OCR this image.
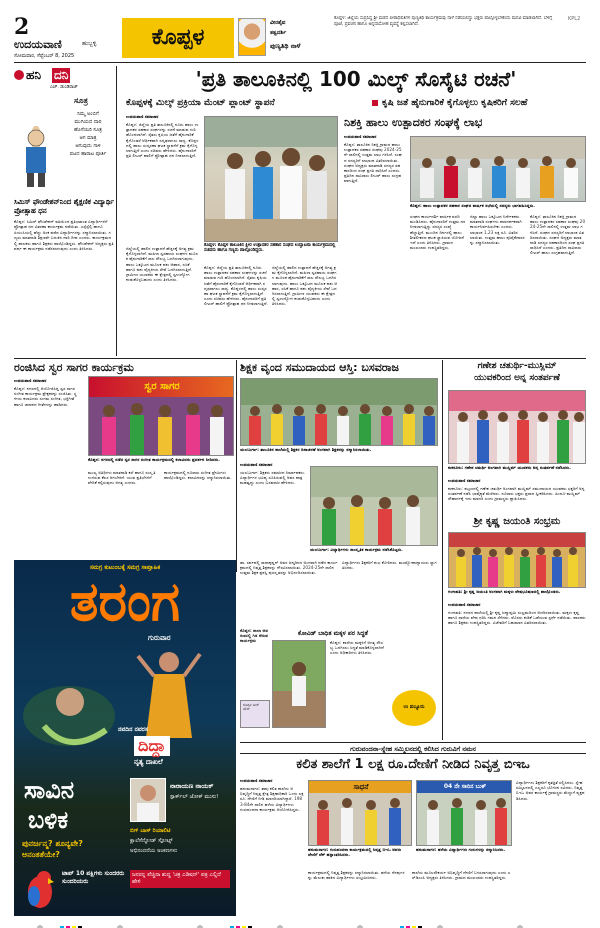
2
ಉದಯವಾಣಿ	ಹುಬ್ಬಳ್ಳಿ
ಸೋಮವಾರ, ಸೆಪ್ಟೆಂಬರ್ 8, 2025
ಕೊಪ್ಪಳ
ವೀರಶೈವ
ತತ್ವದರ್ಶಿ
ಪುಣ್ಯತಿಥಿ ನಾಳೆ
ಕೊಪ್ಪಳ: ಜಿಲ್ಲೆಯ ಸುಪ್ರಸಿದ್ಧ ಶ್ರೀ ಮಠದ ಪೀಠಾಧಿಪತಿಗಳ ಪುಣ್ಯತಿಥಿ ಕಾರ್ಯಕ್ರಮವು ನಾಳೆ ನಡೆಯಲಿದ್ದು ಭಕ್ತರು ಪಾಲ್ಗೊಳ್ಳಬೇಕೆಂದು ಮನವಿ ಮಾಡಲಾಗಿದೆ. ಬೆಳಿಗ್ಗೆ ಪೂಜೆ, ಪ್ರವಚನ ಹಾಗೂ ಅನ್ನದಾಸೋಹ ವ್ಯವಸ್ಥೆ ಕಲ್ಪಿಸಲಾಗಿದೆ.
KPL2
ಹನಿ ದನಿ
ಎಚ್. ಡುಂಡಿರಾಜ್
ಸೂತ್ರ
ನಿಮ್ಮ ಅಂಬಿಗೆ
ಮುಗಿಯದ ದಾರ
ಹೊಸೆಯಿರಿ ಸೂತ್ರ
ಆಗ ಮಾತ್ರ
ಆಗುವುದು ಗಾಳಿ
ಪಟದ ಹಾರಾಟ ಪೂರ್ತಿ
ಸಿಮಿಸ್ ಫೌಂಡೇಶನ್‌ನಿಂದ ಶೈಕ್ಷಣಿಕ ವಿದ್ಯಾರ್ಥಿ ಪ್ರೋತ್ಸಾಹ ಧನ
ಕೊಪ್ಪಳ: ಸಿಮಿಸ್ ಫೌಂಡೇಶನ್ ವತಿಯಿಂದ ಪ್ರತಿಭಾವಂತ ವಿದ್ಯಾರ್ಥಿಗಳಿಗೆ ಪ್ರೋತ್ಸಾಹ ಧನ ವಿತರಣಾ ಕಾರ್ಯಕ್ರಮ ನಡೆಯಿತು. ಎಸ್ಸೆಸ್ಸೆಲ್ಸಿ ಹಾಗೂ ಪಿಯುಸಿಯಲ್ಲಿ ಹೆಚ್ಚು ಅಂಕ ಪಡೆದ ವಿದ್ಯಾರ್ಥಿಗಳನ್ನು ಸನ್ಮಾನಿಸಲಾಯಿತು. ಗಣ್ಯರು ಮಾತನಾಡಿ ಶಿಕ್ಷಣವೇ ಬದುಕಿನ ದಾರಿ ದೀಪ ಎಂದರು. ಕಾರ್ಯಕ್ರಮದಲ್ಲಿ ಪಾಲಕರು ಹಾಗೂ ಶಿಕ್ಷಕರು ಪಾಲ್ಗೊಂಡಿದ್ದರು. ಫೌಂಡೇಶನ್ ಅಧ್ಯಕ್ಷರು ಪ್ರತಿ ವರ್ಷ ಈ ಕಾರ್ಯಕ್ರಮ ನಡೆಸಲಾಗುವುದು ಎಂದು ತಿಳಿಸಿದರು.
'ಪ್ರತಿ ತಾಲೂಕಿನಲ್ಲಿ 100 ಮಿಲ್ಕ್ ಸೊಸೈಟಿ ರಚನೆ'
ಕೊಪ್ಪಳಕ್ಕೆ ಮಿಲ್ಕ್ ಪ್ರಕ್ರಿಯಾ ಮೆಂಟ್ ಪ್ಲಾಂಟ್ ಸ್ಥಾಪನೆ	ಕೃಷಿ ಜತೆ ಹೈನುಗಾರಿಕೆ ಕೈಗೊಳ್ಳಲು ಕೃಷಿಕರಿಗೆ ಸಲಹೆ
ಉದಯವಾಣಿ ಸಮಾಚಾರ
ಕೊಪ್ಪಳ: ಕೊಪ್ಪಳ ತಾಲೂಕಿನ ಕ್ಷೀರ ಉತ್ಪಾದಕರ ಸಹಕಾರ ಸಂಘದ ಉದ್ಘಾಟನಾ ಕಾರ್ಯಕ್ರಮದಲ್ಲಿ ಸಚಿವರು ಹಾಗೂ ಗಣ್ಯರು ಪಾಲ್ಗೊಂಡಿದ್ದರು.
ಕೊಪ್ಪಳ: ಜಿಲ್ಲೆಯ ಪ್ರತಿ ತಾಲೂಕಿನಲ್ಲಿ ನೂರು ಹಾಲು ಉತ್ಪಾದಕರ ಸಹಕಾರ ಸಂಘಗಳನ್ನು ರಚನೆ ಮಾಡುವ ಗುರಿ ಹೊಂದಲಾಗಿದೆ. ರೈತರು ಕೃಷಿಯ ಜತೆಗೆ ಹೈನುಗಾರಿಕೆ ಕೈಗೊಂಡರೆ ಆರ್ಥಿಕವಾಗಿ ಸದೃಢರಾಗಲು ಸಾಧ್ಯ. ಕೊಪ್ಪಳದಲ್ಲಿ ಹಾಲು ಸಂಸ್ಕರಣಾ ಘಟಕ ಸ್ಥಾಪನೆಗೆ ಕ್ರಮ ಕೈಗೊಳ್ಳಲಾಗುತ್ತಿದೆ ಎಂದು ಸಚಿವರು ಹೇಳಿದರು. ಹೈನುಗಾರರಿಗೆ ಪ್ರತಿ ಲೀಟರ್ ಹಾಲಿಗೆ ಪ್ರೋತ್ಸಾಹ ಧನ ನೀಡಲಾಗುತ್ತಿದೆ.
ಜಿಲ್ಲೆಯಲ್ಲಿ ಹಾಲಿನ ಉತ್ಪಾದನೆ ಹೆಚ್ಚಳಕ್ಕೆ ಅಗತ್ಯ ಕ್ರಮ ಕೈಗೊಳ್ಳಲಾಗಿದೆ. ಮಹಿಳಾ ಸ್ವಸಹಾಯ ಸಂಘಗಳ ಮೂಲಕ ಹೈನುಗಾರಿಕೆಗೆ ಸಾಲ ಸೌಲಭ್ಯ ಒದಗಿಸಲಾಗುವುದು. ಹಾಲು ಒಕ್ಕೂಟದ ಮೂಲಕ ಪಶು ಆಹಾರ, ಲಸಿಕೆ ಹಾಗೂ ಪಶು ವೈದ್ಯಕೀಯ ಸೇವೆ ಒದಗಿಸಲಾಗುತ್ತಿದೆ. ಗ್ರಾಮೀಣ ಯುವಕರು ಈ ಕ್ಷೇತ್ರದಲ್ಲಿ ಸ್ವಉದ್ಯೋಗ ಕಂಡುಕೊಳ್ಳಬಹುದು ಎಂದು ತಿಳಿಸಿದರು.
ಕೊಪ್ಪಳ: ಜಿಲ್ಲೆಯ ಪ್ರತಿ ತಾಲೂಕಿನಲ್ಲಿ ನೂರು ಹಾಲು ಉತ್ಪಾದಕರ ಸಹಕಾರ ಸಂಘಗಳನ್ನು ರಚನೆ ಮಾಡುವ ಗುರಿ ಹೊಂದಲಾಗಿದೆ. ರೈತರು ಕೃಷಿಯ ಜತೆಗೆ ಹೈನುಗಾರಿಕೆ ಕೈಗೊಂಡರೆ ಆರ್ಥಿಕವಾಗಿ ಸದೃಢರಾಗಲು ಸಾಧ್ಯ. ಕೊಪ್ಪಳದಲ್ಲಿ ಹಾಲು ಸಂಸ್ಕರಣಾ ಘಟಕ ಸ್ಥಾಪನೆಗೆ ಕ್ರಮ ಕೈಗೊಳ್ಳಲಾಗುತ್ತಿದೆ ಎಂದು ಸಚಿವರು ಹೇಳಿದರು. ಹೈನುಗಾರರಿಗೆ ಪ್ರತಿ ಲೀಟರ್ ಹಾಲಿಗೆ ಪ್ರೋತ್ಸಾಹ ಧನ ನೀಡಲಾಗುತ್ತಿದೆ.
ಜಿಲ್ಲೆಯಲ್ಲಿ ಹಾಲಿನ ಉತ್ಪಾದನೆ ಹೆಚ್ಚಳಕ್ಕೆ ಅಗತ್ಯ ಕ್ರಮ ಕೈಗೊಳ್ಳಲಾಗಿದೆ. ಮಹಿಳಾ ಸ್ವಸಹಾಯ ಸಂಘಗಳ ಮೂಲಕ ಹೈನುಗಾರಿಕೆಗೆ ಸಾಲ ಸೌಲಭ್ಯ ಒದಗಿಸಲಾಗುವುದು. ಹಾಲು ಒಕ್ಕೂಟದ ಮೂಲಕ ಪಶು ಆಹಾರ, ಲಸಿಕೆ ಹಾಗೂ ಪಶು ವೈದ್ಯಕೀಯ ಸೇವೆ ಒದಗಿಸಲಾಗುತ್ತಿದೆ. ಗ್ರಾಮೀಣ ಯುವಕರು ಈ ಕ್ಷೇತ್ರದಲ್ಲಿ ಸ್ವಉದ್ಯೋಗ ಕಂಡುಕೊಳ್ಳಬಹುದು ಎಂದು ತಿಳಿಸಿದರು.
ನಿಶಕ್ತಿ ಹಾಲು ಉತ್ಪಾದಕರ ಸಂಘಕ್ಕೆ ಲಾಭ
ಉದಯವಾಣಿ ಸಮಾಚಾರ
ಕೊಪ್ಪಳ: ತಾಲೂಕಿನ ನಿಶಕ್ತಿ ಗ್ರಾಮದ ಹಾಲು ಉತ್ಪಾದಕರ ಸಹಕಾರ ಸಂಘವು 2024-25ನೇ ಸಾಲಿನಲ್ಲಿ ಉತ್ತಮ ಲಾಭ ಗಳಿಸಿದೆ. ಸಂಘದ ಸದಸ್ಯರಿಗೆ ಲಾಭಾಂಶ ವಿತರಿಸಲಾಯಿತು. ಸಂಘದ ಅಧ್ಯಕ್ಷರು ಮಾತನಾಡಿ ಸದಸ್ಯರ ಸಹಕಾರದಿಂದ ಸಂಘ ಪ್ರಗತಿ ಸಾಧಿಸಿದೆ ಎಂದರು. ಪ್ರತಿದಿನ ಸಾವಿರಾರು ಲೀಟರ್ ಹಾಲು ಸಂಗ್ರಹವಾಗುತ್ತಿದೆ.
ಕೊಪ್ಪಳ: ಹಾಲು ಉತ್ಪಾದಕರ ಸಹಕಾರ ಸಂಘದ ವಾರ್ಷಿಕ ಸಭೆಯಲ್ಲಿ ಸದಸ್ಯರು ಭಾಗವಹಿಸಿದ್ದರು.
ಸಂಘದ ಕಾರ್ಯದರ್ಶಿ ವಾರ್ಷಿಕ ವರದಿ ಮಂಡಿಸಿದರು. ಹೈನುಗಾರರಿಗೆ ಉತ್ತಮ ದರ ನೀಡಲಾಗುತ್ತಿದ್ದು ಸದಸ್ಯರ ಸಂಖ್ಯೆ ಹೆಚ್ಚುತ್ತಿದೆ. ಮುಂದಿನ ದಿನಗಳಲ್ಲಿ ಹಾಲು ಶೀತಲೀಕರಣ ಘಟಕ ಸ್ಥಾಪಿಸುವ ಯೋಜನೆ ಇದೆ ಎಂದು ತಿಳಿಸಿದರು. ಗ್ರಾಮದ ಮುಖಂಡರು ಉಪಸ್ಥಿತರಿದ್ದರು.
ಜಿಲ್ಲಾ ಹಾಲು ಒಕ್ಕೂಟದ ನಿರ್ದೇಶಕರು ಮಾತನಾಡಿ ಸಂಘಗಳು ಪಾರದರ್ಶಕವಾಗಿ ಕಾರ್ಯನಿರ್ವಹಿಸಬೇಕು ಎಂದರು. ಲಾಭಾಂಶ 1.23 ಲಕ್ಷ ರೂ. ವಿತರಿಸಲಾಯಿತು. ಉತ್ತಮ ಹಾಲು ಪೂರೈಕೆದಾರರನ್ನು ಸನ್ಮಾನಿಸಲಾಯಿತು.
ಕೊಪ್ಪಳ: ತಾಲೂಕಿನ ನಿಶಕ್ತಿ ಗ್ರಾಮದ ಹಾಲು ಉತ್ಪಾದಕರ ಸಹಕಾರ ಸಂಘವು 2024-25ನೇ ಸಾಲಿನಲ್ಲಿ ಉತ್ತಮ ಲಾಭ ಗಳಿಸಿದೆ. ಸಂಘದ ಸದಸ್ಯರಿಗೆ ಲಾಭಾಂಶ ವಿತರಿಸಲಾಯಿತು. ಸಂಘದ ಅಧ್ಯಕ್ಷರು ಮಾತನಾಡಿ ಸದಸ್ಯರ ಸಹಕಾರದಿಂದ ಸಂಘ ಪ್ರಗತಿ ಸಾಧಿಸಿದೆ ಎಂದರು. ಪ್ರತಿದಿನ ಸಾವಿರಾರು ಲೀಟರ್ ಹಾಲು ಸಂಗ್ರಹವಾಗುತ್ತಿದೆ.
ರಂಜಿಸಿದ ಸ್ವರ ಸಾಗರ ಕಾರ್ಯಕ್ರಮ
ಉದಯವಾಣಿ ಸಮಾಚಾರ
ಕೊಪ್ಪಳ: ನಗರದಲ್ಲಿ ಆಯೋಜಿಸಿದ್ದ ಸ್ವರ ಸಾಗರ ಸಂಗೀತ ಕಾರ್ಯಕ್ರಮ ಪ್ರೇಕ್ಷಕರನ್ನು ರಂಜಿಸಿತು. ಸ್ಥಳೀಯ ಕಲಾವಿದರು ಸುಗಮ ಸಂಗೀತ, ಭಕ್ತಿಗೀತೆ ಹಾಗೂ ಜಾನಪದ ಗೀತೆಗಳನ್ನು ಹಾಡಿದರು.
ಸ್ವರ ಸಾಗರ
ಕೊಪ್ಪಳ: ನಗರದಲ್ಲಿ ನಡೆದ ಸ್ವರ ಸಾಗರ ಸಂಗೀತ ಕಾರ್ಯಕ್ರಮದಲ್ಲಿ ಕಲಾವಿದರು ಪ್ರದರ್ಶನ ನೀಡಿದರು.
ಮುಖ್ಯ ಅತಿಥಿಗಳು ಮಾತನಾಡಿ ಕಲೆ ಹಾಗೂ ಸಂಸ್ಕೃತಿ ಉಳಿಸುವ ಕೆಲಸ ಆಗಬೇಕಿದೆ. ಯುವ ಪ್ರತಿಭೆಗಳಿಗೆ ವೇದಿಕೆ ಕಲ್ಪಿಸುವುದು ಅಗತ್ಯ ಎಂದರು.
ಕಾರ್ಯಕ್ರಮದಲ್ಲಿ ನೂರಾರು ಸಂಗೀತ ಪ್ರೇಮಿಗಳು ಪಾಲ್ಗೊಂಡಿದ್ದರು. ಕಲಾವಿದರನ್ನು ಸನ್ಮಾನಿಸಲಾಯಿತು.
ಶಿಕ್ಷಕ ವೃಂದ ಸಮುದಾಯದ ಆಸ್ತಿ: ಬಸವರಾಜ
ಯಲಬುರ್ಗಾ: ತಾಲೂಕಿನ ಶಾಲೆಯಲ್ಲಿ ಶಿಕ್ಷಕರ ದಿನಾಚರಣೆ ಅಂಗವಾಗಿ ಶಿಕ್ಷಕರನ್ನು ಸನ್ಮಾನಿಸಲಾಯಿತು.
ಉದಯವಾಣಿ ಸಮಾಚಾರ
ಯಲಬುರ್ಗಾ: ಶಿಕ್ಷಕರು ಸಮಾಜದ ನಿರ್ಮಾಪಕರು. ವಿದ್ಯಾರ್ಥಿಗಳ ಭವಿಷ್ಯ ರೂಪಿಸುವಲ್ಲಿ ಅವರ ಪಾತ್ರ ಮಹತ್ವದ್ದು ಎಂದು ಬಸವರಾಜ ಹೇಳಿದರು.
ಯಲಬುರ್ಗಾ: ವಿದ್ಯಾರ್ಥಿಗಳು ಸಾಂಸ್ಕೃತಿಕ ಕಾರ್ಯಕ್ರಮ ನಡೆಸಿಕೊಟ್ಟರು.
ಡಾ. ಸರ್ವಪಲ್ಲಿ ರಾಧಾಕೃಷ್ಣನ್ ಅವರ ಜನ್ಮದಿನದ ಅಂಗವಾಗಿ ನಡೆದ ಕಾರ್ಯಕ್ರಮದಲ್ಲಿ ನಿವೃತ್ತ ಶಿಕ್ಷಕರನ್ನು ಗೌರವಿಸಲಾಯಿತು. 2024-25ನೇ ಸಾಲಿನ ಉತ್ತಮ ಶಿಕ್ಷಕ ಪ್ರಶಸ್ತಿ ಪುರಸ್ಕೃತರನ್ನು ಅಭಿನಂದಿಸಲಾಯಿತು.
ವಿದ್ಯಾರ್ಥಿಗಳು ಶಿಕ್ಷಕರಿಗೆ ಶುಭ ಕೋರಿದರು. ಮುಖ್ಯೋಪಾಧ್ಯಾಯರು ಸ್ವಾಗತಿಸಿದರು.
ಕೋವಿಡ್ ಬಾಧಿತ ಮಕ್ಕಳ ಪರ ಸಿದ್ಧತೆ
ಕೊಪ್ಪಳ: ಶಾಲೆಯ ಮಕ್ಕಳಿಗೆ ಅಗತ್ಯ ಸೌಲಭ್ಯ ಒದಗಿಸಲು ಸಿದ್ಧತೆ ಮಾಡಿಕೊಳ್ಳಲಾಗಿದೆ ಎಂದು ಅಧಿಕಾರಿಗಳು ತಿಳಿಸಿದರು.
ಕೊಪ್ಪಳ: ಶಾಲಾ ಆವರಣದಲ್ಲಿ ಗಿಡ ನೆಡುವ ಕಾರ್ಯಕ್ರಮ
ಕೊಪ್ಪಳ ಬುಕ್ ಹೌಸ್	ಉ ಪಲ್ಯೂರು
ಗಣೇಶ ಚತುರ್ಥಿ-ಮುಸ್ಲಿಮ್
ಯುವಕರಿಂದ ಅನ್ನ ಸಂತರ್ಪಣೆ
ಕುಕನೂರು: ಗಣೇಶ ಚತುರ್ಥಿ ಅಂಗವಾಗಿ ಮುಸ್ಲಿಮ್ ಯುವಕರು ಅನ್ನ ಸಂತರ್ಪಣೆ ನಡೆಸಿದರು.
ಉದಯವಾಣಿ ಸಮಾಚಾರ
ಕುಕನೂರು: ಪಟ್ಟಣದಲ್ಲಿ ಗಣೇಶ ಚತುರ್ಥಿ ಅಂಗವಾಗಿ ಮುಸ್ಲಿಮ್ ಸಮುದಾಯದ ಯುವಕರು ಭಕ್ತರಿಗೆ ಅನ್ನ ಸಂತರ್ಪಣೆ ನಡೆಸಿ ಭಾವೈಕ್ಯತೆ ಮೆರೆದರು. ನೂರಾರು ಭಕ್ತರು ಪ್ರಸಾದ ಸ್ವೀಕರಿಸಿದರು. ಹಿಂದೂ-ಮುಸ್ಲಿಮ್ ಸೌಹಾರ್ದಕ್ಕೆ ಇದು ಮಾದರಿ ಎಂದು ಗ್ರಾಮಸ್ಥರು ಶ್ಲಾಘಿಸಿದರು.
ಶ್ರೀ ಕೃಷ್ಣ ಜಯಂತಿ ಸಂಭ್ರಮ
ಗಂಗಾವತಿ: ಶ್ರೀ ಕೃಷ್ಣ ಜಯಂತಿ ಅಂಗವಾಗಿ ಮಕ್ಕಳು ವೇಷಭೂಷಣದಲ್ಲಿ ಪಾಲ್ಗೊಂಡರು.
ಉದಯವಾಣಿ ಸಮಾಚಾರ
ಗಂಗಾವತಿ: ನಗರದ ಶಾಲೆಯಲ್ಲಿ ಶ್ರೀ ಕೃಷ್ಣ ಜನ್ಮಾಷ್ಟಮಿ ಸಂಭ್ರಮದಿಂದ ಆಚರಿಸಲಾಯಿತು. ಮಕ್ಕಳು ಕೃಷ್ಣ ಹಾಗೂ ರಾಧೆಯ ವೇಷ ಧರಿಸಿ ಗಮನ ಸೆಳೆದರು. ಮೊಸರು ಕುಡಿಕೆ ಒಡೆಯುವ ಸ್ಪರ್ಧೆ ನಡೆಯಿತು. ಪಾಲಕರು ಹಾಗೂ ಶಿಕ್ಷಕರು ಉಪಸ್ಥಿತರಿದ್ದರು. ವಿಜೇತರಿಗೆ ಬಹುಮಾನ ವಿತರಿಸಲಾಯಿತು.
ಸಮಗ್ರ ಕುಟುಂಬಕ್ಕೆ ಸಮಗ್ರ ಸಾಪ್ತಾಹಿಕ
ತರಂಗ
ಗುರುವಾರ
ನವದಿನ ನವರಸ
ದಿದ್ದಾ
ನೃತ್ಯ ದಾಖಲೆ
ಸಾವಿನ
ಬಳಿಕ
ಪುನರ್ಜನ್ಮ? ಶೂನ್ಯವೇ? ಅನಂತತೆಯೇ?
ನಾರಾಯಣ ನಾಯಕ್
ಸ್ಪಾರ್ಕ್‌ಲ್ ಜೋಕ್ ಮುಸು!
ಬಿಗ್ ಬಾಸ್ ರಿಯಾಲಿಟಿ
ಕ್ಲಾಲೆಸೆನ್ನೋಡ್ ಸ್ಪೋಟ್ಸ್
ಅಭಿನಂದನೆಯ ಅಂಕಣಗಳು
ಟಾಪ್ 10 ಪಕ್ಷಿಗಳು ಸುಂದರರು ಸುಂದರಿಯರು
ಜನರನ್ನ ಪೆಚ್ಚಿನಾ ಶುದ್ಧ 'ಚಕ್ರ ಎಡಿಷನ್' ಪತ್ರ ಎಲ್ಲಿದೆ ಹೇಳಿ
ಗುರುವಂದನಾ-ಸ್ನೇಹ ಸಮ್ಮಿಲನದಲ್ಲಿ ಕಲಿಸಿದ ಗುರುವಿಗೆ ನಮನ
ಕಲಿತ ಶಾಲೆಗೆ 1 ಲಕ್ಷ ರೂ.ದೇಣಿಗೆ ನೀಡಿದ ನಿವೃತ್ತ ಬಿಇಒ
ಉದಯವಾಣಿ ಸಮಾಚಾರ
ಹನುಮಸಾಗರ: ತಾವು ಕಲಿತ ಶಾಲೆಯ ಅಭಿವೃದ್ಧಿಗೆ ನಿವೃತ್ತ ಕ್ಷೇತ್ರ ಶಿಕ್ಷಣಾಧಿಕಾರಿ ಒಂದು ಲಕ್ಷ ರೂ. ದೇಣಿಗೆ ನೀಡಿ ಮಾದರಿಯಾಗಿದ್ದಾರೆ. 1983-84ನೇ ಸಾಲಿನ ಹಳೆಯ ವಿದ್ಯಾರ್ಥಿಗಳು ಗುರುವಂದನಾ ಕಾರ್ಯಕ್ರಮ ಆಯೋಜಿಸಿದ್ದರು.
ಸಾಧನೆ
ಹನುಮಸಾಗರ: ಗುರುವಂದನಾ ಕಾರ್ಯಕ್ರಮದಲ್ಲಿ ನಿವೃತ್ತ ಬಿಇಒ ಅವರು ದೇಣಿಗೆ ಚೆಕ್ ಹಸ್ತಾಂತರಿಸಿದರು.
04 ನೇ ಸಾರಿನ ಬುಕ್
ಹನುಮಸಾಗರ: ಹಳೆಯ ವಿದ್ಯಾರ್ಥಿಗಳು ಗುರುಗಳನ್ನು ಸನ್ಮಾನಿಸಿದರು.
ಕಾರ್ಯಕ್ರಮದಲ್ಲಿ ನಿವೃತ್ತ ಶಿಕ್ಷಕರನ್ನು ಸನ್ಮಾನಿಸಲಾಯಿತು. ಹಳೆಯ ನೆನಪುಗಳನ್ನು ಮೆಲುಕು ಹಾಕಿದ ವಿದ್ಯಾರ್ಥಿಗಳು ಸಂಭ್ರಮಿಸಿದರು.
ಶಾಲೆಯ ಮೂಲಸೌಕರ್ಯ ಅಭಿವೃದ್ಧಿಗೆ ದೇಣಿಗೆ ಬಳಸಲಾಗುವುದು ಎಂದು ಎಸ್‌ಡಿಎಂಸಿ ಅಧ್ಯಕ್ಷರು ತಿಳಿಸಿದರು. ಗ್ರಾಮದ ಮುಖಂಡರು ಉಪಸ್ಥಿತರಿದ್ದರು.
ವಿದ್ಯಾರ್ಥಿಗಳು ಶಿಕ್ಷಕರಿಗೆ ಕೃತಜ್ಞತೆ ಸಲ್ಲಿಸಿದರು. ಸ್ನೇಹ ಸಮ್ಮಿಲನದಲ್ಲಿ ಎಲ್ಲರೂ ಭೋಜನ ಸವಿದರು. ನಿವೃತ್ತ ಬಿಇಒ ಅವರ ಕಾರ್ಯಕ್ಕೆ ಗ್ರಾಮಸ್ಥರು ಮೆಚ್ಚುಗೆ ವ್ಯಕ್ತಪಡಿಸಿದರು.
